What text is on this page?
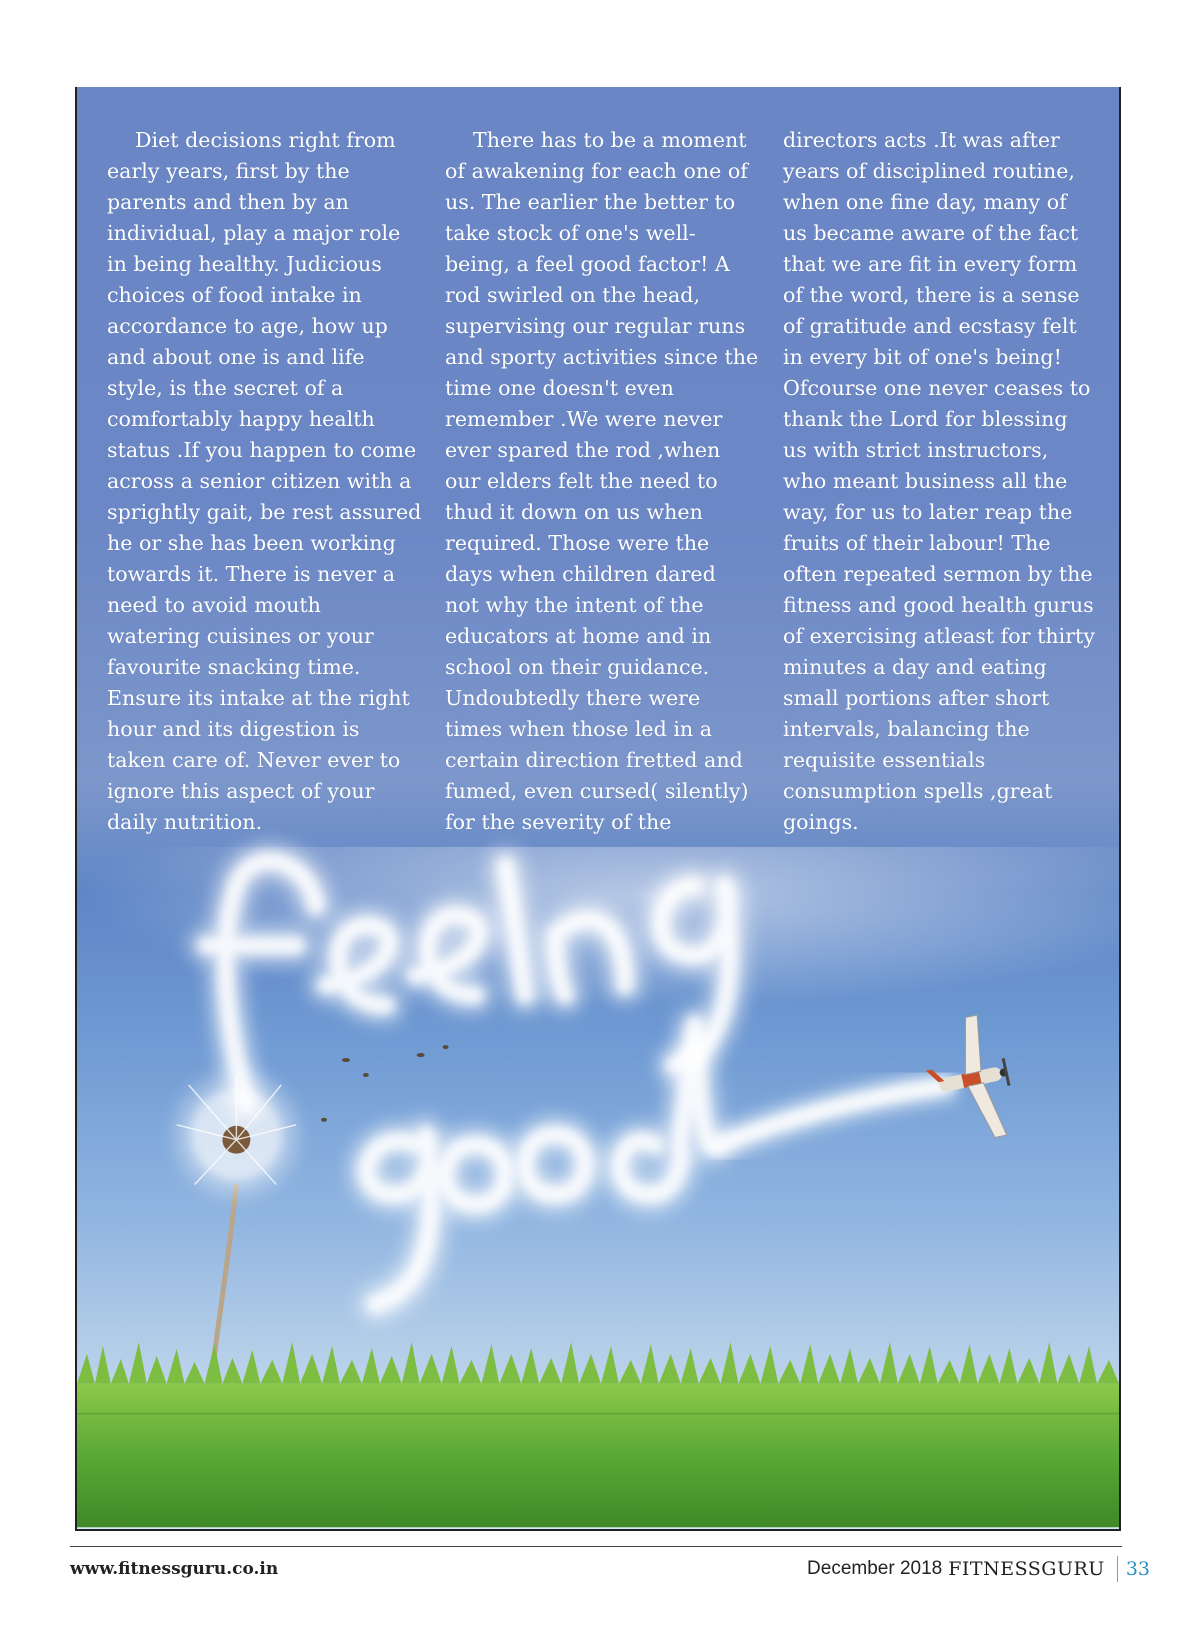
Diet decisions right from
early years, first by the
parents and then by an
individual, play a major role
in being healthy. Judicious
choices of food intake in
accordance to age, how up
and about one is and life
style, is the secret of a
comfortably happy health
status .If you happen to come
across a senior citizen with a
sprightly gait, be rest assured
he or she has been working
towards it. There is never a
need to avoid mouth
watering cuisines or your
favourite snacking time.
Ensure its intake at the right
hour and its digestion is
taken care of. Never ever to
ignore this aspect of your
daily nutrition.
There has to be a moment
of awakening for each one of
us. The earlier the better to
take stock of one's well-
being, a feel good factor! A
rod swirled on the head,
supervising our regular runs
and sporty activities since the
time one doesn't even
remember .We were never
ever spared the rod ,when
our elders felt the need to
thud it down on us when
required. Those were the
days when children dared
not why the intent of the
educators at home and in
school on their guidance.
Undoubtedly there were
times when those led in a
certain direction fretted and
fumed, even cursed( silently)
for the severity of the
directors acts .It was after
years of disciplined routine,
when one fine day, many of
us became aware of the fact
that we are fit in every form
of the word, there is a sense
of gratitude and ecstasy felt
in every bit of one's being!
Ofcourse one never ceases to
thank the Lord for blessing
us with strict instructors,
who meant business all the
way, for us to later reap the
fruits of their labour! The
often repeated sermon by the
fitness and good health gurus
of exercising atleast for thirty
minutes a day and eating
small portions after short
intervals, balancing the
requisite essentials
consumption spells ,great
goings.
www.fitnessguru.co.in	December 2018 FITNESSGURU 33
